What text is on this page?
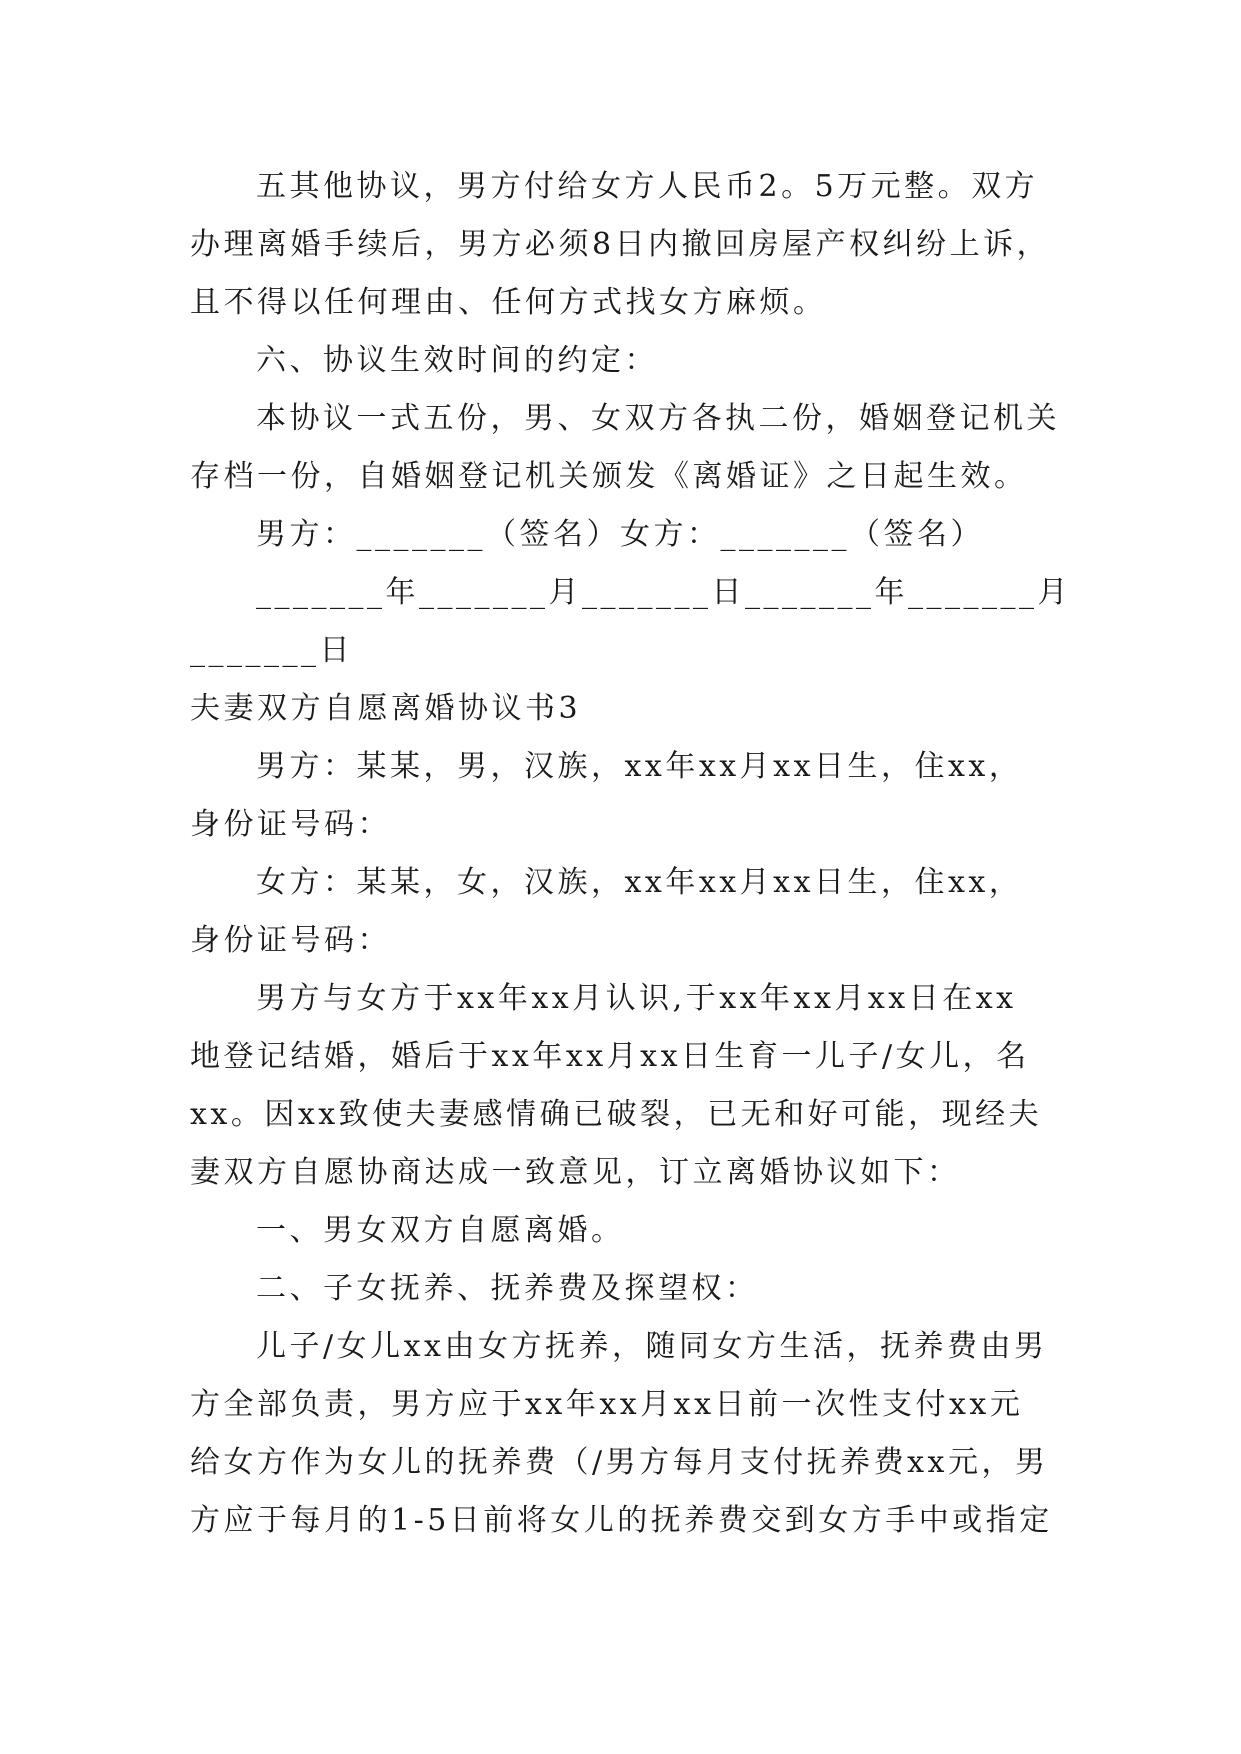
五其他协议，男方付给女方人民币2。5万元整。双方
办理离婚手续后，男方必须8日内撤回房屋产权纠纷上诉，
且不得以任何理由、任何方式找女方麻烦。
六、协议生效时间的约定：
本协议一式五份，男、女双方各执二份，婚姻登记机关
存档一份，自婚姻登记机关颁发《离婚证》之日起生效。
男方：_______（签名）女方：_______（签名）
_______年_______月_______日_______年_______月
_______日
夫妻双方自愿离婚协议书3
男方：某某，男，汉族，xx年xx月xx日生，住xx，
身份证号码：
女方：某某，女，汉族，xx年xx月xx日生，住xx，
身份证号码：
男方与女方于xx年xx月认识,于xx年xx月xx日在xx
地登记结婚，婚后于xx年xx月xx日生育一儿子/女儿，名
xx。因xx致使夫妻感情确已破裂，已无和好可能，现经夫
妻双方自愿协商达成一致意见，订立离婚协议如下：
一、男女双方自愿离婚。
二、子女抚养、抚养费及探望权：
儿子/女儿xx由女方抚养，随同女方生活，抚养费由男
方全部负责，男方应于xx年xx月xx日前一次性支付xx元
给女方作为女儿的抚养费（/男方每月支付抚养费xx元，男
方应于每月的1-5日前将女儿的抚养费交到女方手中或指定
